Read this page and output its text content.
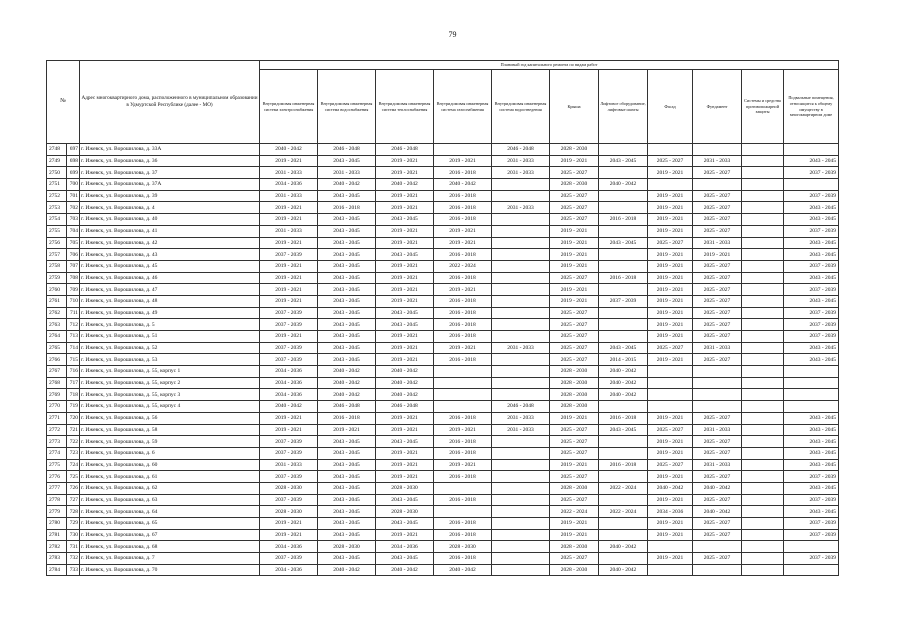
79
№		Адрес многоквартирного дома, расположенного в муниципальном образовании в Удмуртской Республике (далее - МО)	Плановый год капитального ремонта по видам работ										
			Внутридомовая инженерная система электроснабжения	Внутридомовая инженерная система водоснабжения	Внутридомовая инженерная система теплоснабжения	Внутридомовая инженерная система газоснабжения	Внутридомовая инженерная система водоотведения	Крыша	Лифтовое оборудование, лифтовые шахты	Фасад	Фундамент	Системы и средства противопожарной защиты	Подвальные помещения, относящиеся к общему имуществу в многоквартирном доме
2748	697	г. Ижевск, ул. Ворошилова, д. 33А	2040 - 2042	2046 - 2048	2046 - 2048		2046 - 2048	2028 - 2030					
2749	698	г. Ижевск, ул. Ворошилова, д. 36	2019 - 2021	2043 - 2045	2019 - 2021	2019 - 2021	2031 - 2033	2019 - 2021	2043 - 2045	2025 - 2027	2031 - 2033		2043 - 2045
2750	699	г. Ижевск, ул. Ворошилова, д. 37	2031 - 2033	2031 - 2033	2019 - 2021	2016 - 2018	2031 - 2033	2025 - 2027		2019 - 2021	2025 - 2027		2037 - 2039
2751	700	г. Ижевск, ул. Ворошилова, д. 37А	2034 - 2036	2040 - 2042	2040 - 2042	2040 - 2042		2028 - 2030	2040 - 2042				
2752	701	г. Ижевск, ул. Ворошилова, д. 39	2031 - 2033	2043 - 2045	2019 - 2021	2016 - 2018		2025 - 2027		2019 - 2021	2025 - 2027		2037 - 2039
2753	702	г. Ижевск, ул. Ворошилова, д. 4	2019 - 2021	2016 - 2018	2019 - 2021	2016 - 2018	2031 - 2033	2025 - 2027		2019 - 2021	2025 - 2027		2043 - 2045
2754	703	г. Ижевск, ул. Ворошилова, д. 40	2019 - 2021	2043 - 2045	2043 - 2045	2016 - 2018		2025 - 2027	2016 - 2018	2019 - 2021	2025 - 2027		2043 - 2045
2755	704	г. Ижевск, ул. Ворошилова, д. 41	2031 - 2033	2043 - 2045	2019 - 2021	2019 - 2021		2019 - 2021		2019 - 2021	2025 - 2027		2037 - 2039
2756	705	г. Ижевск, ул. Ворошилова, д. 42	2019 - 2021	2043 - 2045	2019 - 2021	2019 - 2021		2019 - 2021	2043 - 2045	2025 - 2027	2031 - 2033		2043 - 2045
2757	706	г. Ижевск, ул. Ворошилова, д. 43	2037 - 2039	2043 - 2045	2043 - 2045	2016 - 2018		2019 - 2021		2019 - 2021	2019 - 2021		2043 - 2045
2758	707	г. Ижевск, ул. Ворошилова, д. 45	2019 - 2021	2043 - 2045	2019 - 2021	2022 - 2024		2019 - 2021		2019 - 2021	2025 - 2027		2037 - 2039
2759	708	г. Ижевск, ул. Ворошилова, д. 46	2019 - 2021	2043 - 2045	2019 - 2021	2016 - 2018		2025 - 2027	2016 - 2018	2019 - 2021	2025 - 2027		2043 - 2045
2760	709	г. Ижевск, ул. Ворошилова, д. 47	2019 - 2021	2043 - 2045	2019 - 2021	2019 - 2021		2019 - 2021		2019 - 2021	2025 - 2027		2037 - 2039
2761	710	г. Ижевск, ул. Ворошилова, д. 48	2019 - 2021	2043 - 2045	2019 - 2021	2016 - 2018		2019 - 2021	2037 - 2039	2019 - 2021	2025 - 2027		2043 - 2045
2762	711	г. Ижевск, ул. Ворошилова, д. 49	2037 - 2039	2043 - 2045	2043 - 2045	2016 - 2018		2025 - 2027		2019 - 2021	2025 - 2027		2037 - 2039
2763	712	г. Ижевск, ул. Ворошилова, д. 5	2037 - 2039	2043 - 2045	2043 - 2045	2016 - 2018		2025 - 2027		2019 - 2021	2025 - 2027		2037 - 2039
2764	713	г. Ижевск, ул. Ворошилова, д. 51	2019 - 2021	2043 - 2045	2019 - 2021	2016 - 2018		2025 - 2027		2019 - 2021	2025 - 2027		2037 - 2039
2765	714	г. Ижевск, ул. Ворошилова, д. 52	2037 - 2039	2043 - 2045	2019 - 2021	2019 - 2021	2031 - 2033	2025 - 2027	2043 - 2045	2025 - 2027	2031 - 2033		2043 - 2045
2766	715	г. Ижевск, ул. Ворошилова, д. 53	2037 - 2039	2043 - 2045	2019 - 2021	2016 - 2018		2025 - 2027	2014 - 2015	2019 - 2021	2025 - 2027		2043 - 2045
2767	716	г. Ижевск, ул. Ворошилова, д. 55, корпус 1	2034 - 2036	2040 - 2042	2040 - 2042			2028 - 2030	2040 - 2042				
2768	717	г. Ижевск, ул. Ворошилова, д. 55, корпус 2	2034 - 2036	2040 - 2042	2040 - 2042			2028 - 2030	2040 - 2042				
2769	718	г. Ижевск, ул. Ворошилова, д. 55, корпус 3	2034 - 2036	2040 - 2042	2040 - 2042			2028 - 2030	2040 - 2042				
2770	719	г. Ижевск, ул. Ворошилова, д. 55, корпус 4	2040 - 2042	2046 - 2048	2046 - 2048		2046 - 2048	2028 - 2030					
2771	720	г. Ижевск, ул. Ворошилова, д. 56	2019 - 2021	2016 - 2018	2019 - 2021	2016 - 2018	2031 - 2033	2019 - 2021	2016 - 2018	2019 - 2021	2025 - 2027		2043 - 2045
2772	721	г. Ижевск, ул. Ворошилова, д. 58	2019 - 2021	2019 - 2021	2019 - 2021	2019 - 2021	2031 - 2033	2025 - 2027	2043 - 2045	2025 - 2027	2031 - 2033		2043 - 2045
2773	722	г. Ижевск, ул. Ворошилова, д. 59	2037 - 2039	2043 - 2045	2043 - 2045	2016 - 2018		2025 - 2027		2019 - 2021	2025 - 2027		2043 - 2045
2774	723	г. Ижевск, ул. Ворошилова, д. 6	2037 - 2039	2043 - 2045	2019 - 2021	2016 - 2018		2025 - 2027		2019 - 2021	2025 - 2027		2043 - 2045
2775	724	г. Ижевск, ул. Ворошилова, д. 60	2031 - 2033	2043 - 2045	2019 - 2021	2019 - 2021		2019 - 2021	2016 - 2018	2025 - 2027	2031 - 2033		2043 - 2045
2776	725	г. Ижевск, ул. Ворошилова, д. 61	2037 - 2039	2043 - 2045	2019 - 2021	2016 - 2018		2025 - 2027		2019 - 2021	2025 - 2027		2037 - 2039
2777	726	г. Ижевск, ул. Ворошилова, д. 62	2028 - 2030	2043 - 2045	2028 - 2030			2028 - 2030	2022 - 2024	2040 - 2042	2040 - 2042		2043 - 2045
2778	727	г. Ижевск, ул. Ворошилова, д. 63	2037 - 2039	2043 - 2045	2043 - 2045	2016 - 2018		2025 - 2027		2019 - 2021	2025 - 2027		2037 - 2039
2779	728	г. Ижевск, ул. Ворошилова, д. 64	2028 - 2030	2043 - 2045	2028 - 2030			2022 - 2024	2022 - 2024	2034 - 2036	2040 - 2042		2043 - 2045
2780	729	г. Ижевск, ул. Ворошилова, д. 65	2019 - 2021	2043 - 2045	2043 - 2045	2016 - 2018		2019 - 2021		2019 - 2021	2025 - 2027		2037 - 2039
2781	730	г. Ижевск, ул. Ворошилова, д. 67	2019 - 2021	2043 - 2045	2019 - 2021	2016 - 2018		2019 - 2021		2019 - 2021	2025 - 2027		2037 - 2039
2782	731	г. Ижевск, ул. Ворошилова, д. 68	2034 - 2036	2028 - 2030	2034 - 2036	2028 - 2030		2028 - 2030	2040 - 2042				
2783	732	г. Ижевск, ул. Ворошилова, д. 7	2037 - 2039	2043 - 2045	2043 - 2045	2016 - 2018		2025 - 2027		2019 - 2021	2025 - 2027		2037 - 2039
2784	733	г. Ижевск, ул. Ворошилова, д. 70	2034 - 2036	2040 - 2042	2040 - 2042	2040 - 2042		2028 - 2030	2040 - 2042				
